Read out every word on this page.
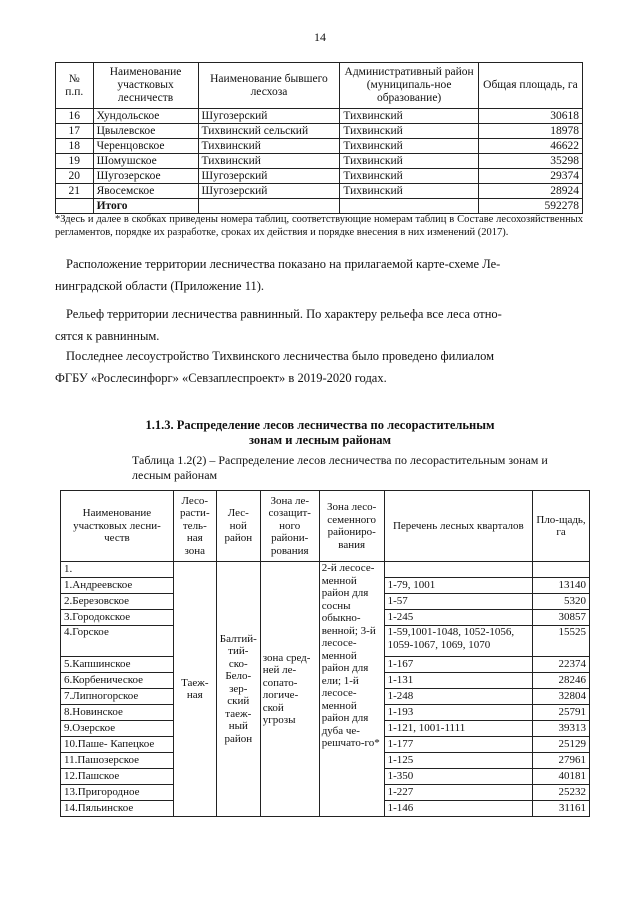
14
№ п.п.	Наименование участковых лесничеств	Наименование бывшего лесхоза	Административный район (муниципаль-ное образование)	Общая площадь, га
16	Хундольское	Шугозерский	Тихвинский	30618
17	Цвылевское	Тихвинский сельский	Тихвинский	18978
18	Черенцовское	Тихвинский	Тихвинский	46622
19	Шомушское	Тихвинский	Тихвинский	35298
20	Шугозерское	Шугозерский	Тихвинский	29374
21	Явосемское	Шугозерский	Тихвинский	28924
	Итого			592278
*Здесь и далее в скобках приведены номера таблиц, соответствующие номерам таблиц в Составе лесохозяйственных регламентов, порядке их разработке, сроках их действия и порядке внесения в них изменений (2017).
Расположение территории лесничества показано на прилагаемой карте-схеме Ле-
нинградской области (Приложение 11).
Рельеф территории лесничества равнинный. По характеру рельефа все леса отно-
сятся к равнинным.
Последнее лесоустройство Тихвинского лесничества было проведено филиалом
ФГБУ «Рослесинфорг» «Севзаплеспроект» в 2019-2020 годах.
1.1.3. Распределение лесов лесничества по лесорастительным
зонам и лесным районам
Таблица 1.2(2) – Распределение лесов лесничества по лесорастительным зонам и
лесным районам
Наименование участковых лесни-честв	Лесо-расти-тель-ная зона	Лес-ной район	Зона ле-созащит-ного райони-рования	Зона лесо-семенного райониро-вания	Перечень лесных кварталов	Пло-щадь, га
1.	Таеж-ная	Балтий-тий-ско-Бело-зер-ский таеж-ный район	зона сред-ней ле-сопато-логиче-ской угрозы	2-й лесосе-менной район для сосны обыкно-венной; 3-й лесосе-менной район для ели; 1-й лесосе-менной район для дуба че-решчато-го*		
1.Андреевское					1-79, 1001	13140
2.Березовское					1-57	5320
3.Городокское					1-245	30857
4.Горское					1-59,1001-1048, 1052-1056, 1059-1067, 1069, 1070	15525
5.Капшинское					1-167	22374
6.Корбеническое					1-131	28246
7.Липногорское					1-248	32804
8.Новинское					1-193	25791
9.Озерское					1-121, 1001-1111	39313
10.Паше- Капецкое					1-177	25129
11.Пашозерское					1-125	27961
12.Пашское					1-350	40181
13.Пригородное					1-227	25232
14.Пяльинское					1-146	31161
